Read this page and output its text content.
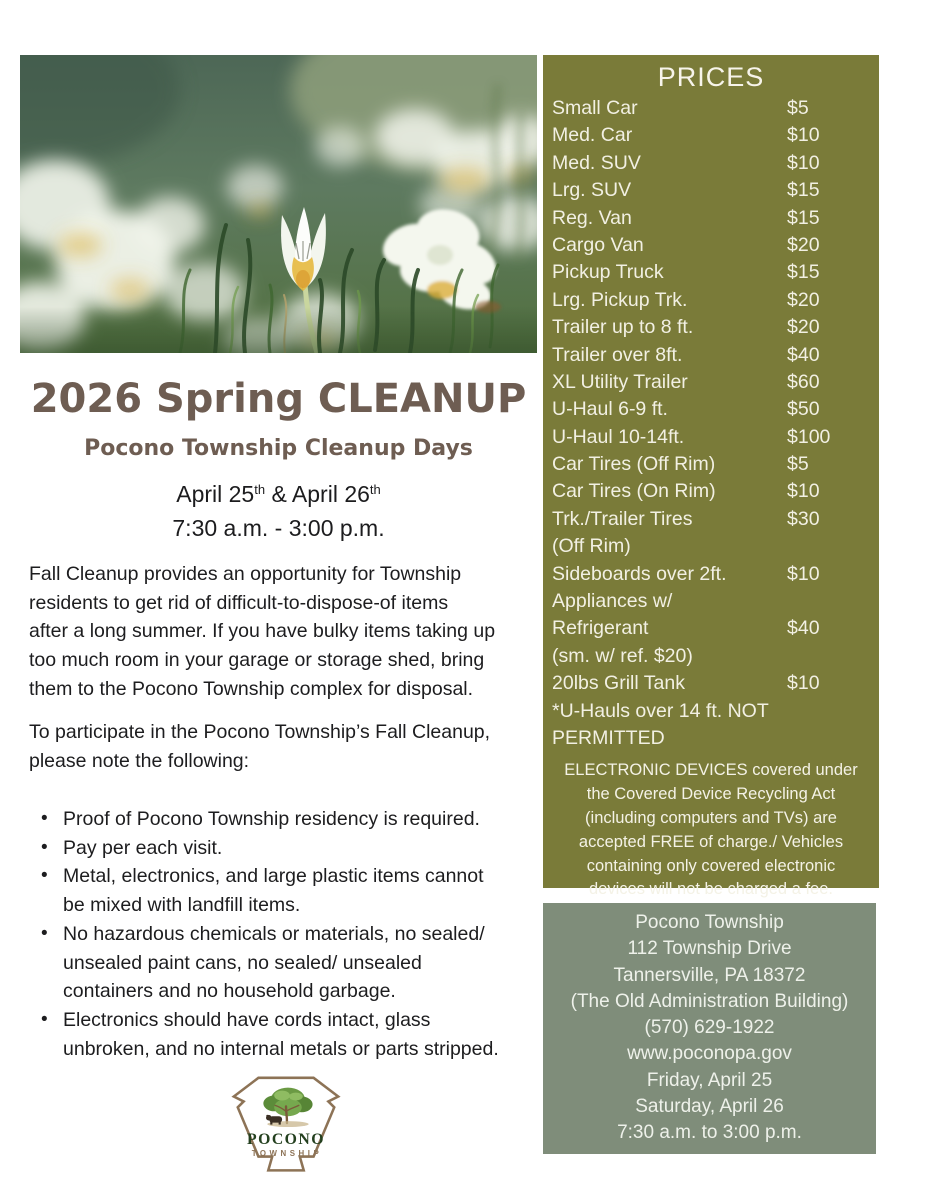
2026 Spring CLEANUP
Pocono Township Cleanup Days
April 25th & April 26th
7:30 a.m. - 3:00 p.m.
Fall Cleanup provides an opportunity for Township
residents to get rid of difficult-to-dispose-of items
after a long summer. If you have bulky items taking up
too much room in your garage or storage shed, bring
them to the Pocono Township complex for disposal.
To participate in the Pocono Township’s Fall Cleanup,
please note the following:
• Proof of Pocono Township residency is required.
• Pay per each visit.
• Metal, electronics, and large plastic items cannot
be mixed with landfill items.
• No hazardous chemicals or materials, no sealed/
unsealed paint cans, no sealed/ unsealed
containers and no household garbage.
• Electronics should have cords intact, glass
unbroken, and no internal metals or parts stripped.
POCONO
TOWNSHIP
PRICES
Small Car	$5
Med. Car	$10
Med. SUV	$10
Lrg. SUV	$15
Reg. Van	$15
Cargo Van	$20
Pickup Truck	$15
Lrg. Pickup Trk.	$20
Trailer up to 8 ft.	$20
Trailer over 8ft.	$40
XL Utility Trailer	$60
U-Haul 6-9 ft.	$50
U-Haul 10-14ft.	$100
Car Tires (Off Rim)	$5
Car Tires (On Rim)	$10
Trk./Trailer Tires	$30
(Off Rim)
Sideboards over 2ft.	$10
Appliances w/
Refrigerant	$40
(sm. w/ ref. $20)
20lbs Grill Tank	$10
*U-Hauls over 14 ft. NOT
PERMITTED
ELECTRONIC DEVICES covered under
the Covered Device Recycling Act
(including computers and TVs) are
accepted FREE of charge./ Vehicles
containing only covered electronic
devices will not be charged a fee.
Pocono Township
112 Township Drive
Tannersville, PA 18372
(The Old Administration Building)
(570) 629-1922
www.poconopa.gov
Friday, April 25
Saturday, April 26
7:30 a.m. to 3:00 p.m.
